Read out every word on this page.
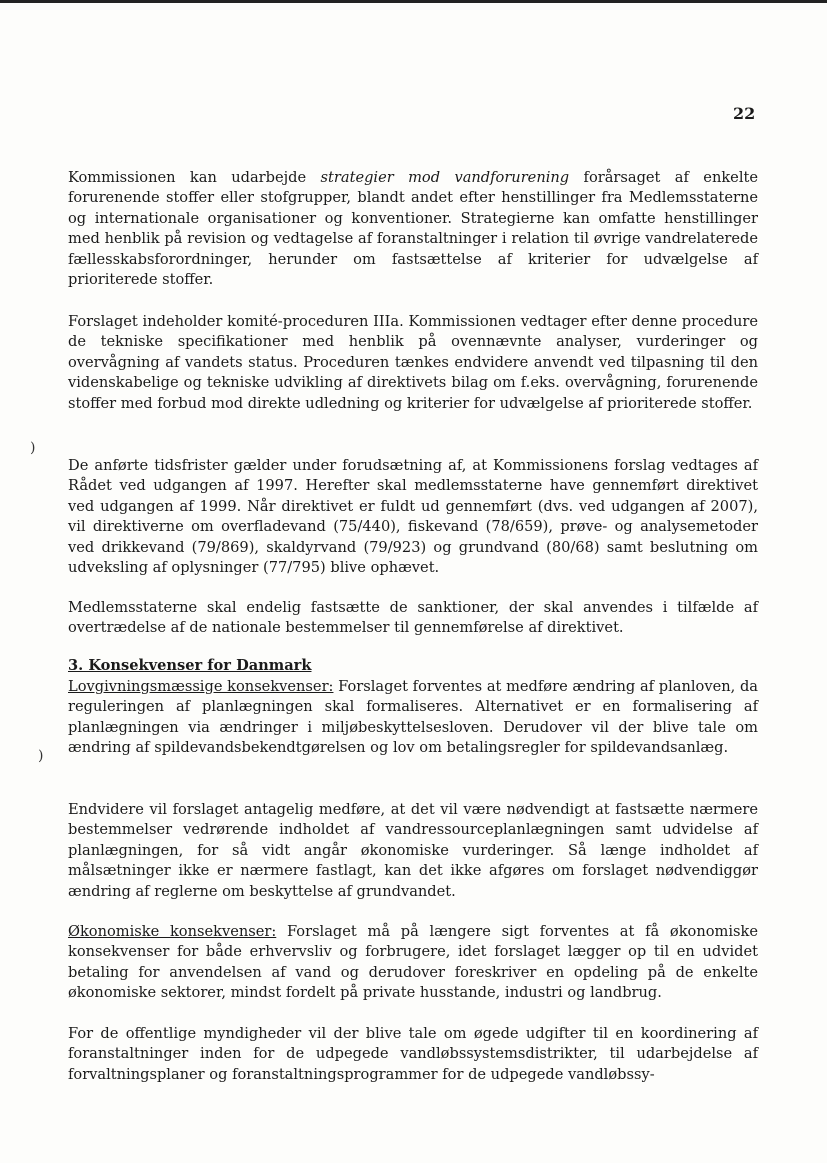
)
)
22

Kommissionen kan udarbejde strategier mod vandforurening forårsaget af enkelte forurenende stoffer eller stofgrupper, blandt andet efter henstillinger fra Medlemsstaterne og internationale organisationer og konventioner. Strategierne kan omfatte henstillinger med henblik på revision og vedtagelse af foranstaltninger i relation til øvrige vandrelaterede fællesskabsforordninger, herunder om fastsættelse af kriterier for udvælgelse af prioriterede stoffer.

Forslaget indeholder komité-proceduren IIIa. Kommissionen vedtager efter denne procedure de tekniske specifikationer med henblik på ovennævnte analyser, vurderinger og overvågning af vandets status. Proceduren tænkes endvidere anvendt ved tilpasning til den videnskabelige og tekniske udvikling af direktivets bilag om f.eks. overvågning, forurenende stoffer med forbud mod direkte udledning og kriterier for udvælgelse af prioriterede stoffer.

De anførte tidsfrister gælder under forudsætning af, at Kommissionens forslag vedtages af Rådet ved udgangen af 1997. Herefter skal medlemsstaterne have gennemført direktivet ved udgangen af 1999. Når direktivet er fuldt ud gennemført (dvs. ved udgangen af 2007), vil direktiverne om overfladevand (75/440), fiskevand (78/659), prøve- og analysemetoder ved drikkevand (79/869), skaldyrvand (79/923) og grundvand (80/68) samt beslutning om udveksling af oplysninger (77/795) blive ophævet.

Medlemsstaterne skal endelig fastsætte de sanktioner, der skal anvendes i tilfælde af overtrædelse af de nationale bestemmelser til gennemførelse af direktivet.

3. Konsekvenser for Danmark

Lovgivningsmæssige konsekvenser: Forslaget forventes at medføre ændring af planloven, da reguleringen af planlægningen skal formaliseres. Alternativet er en formalisering af planlægningen via ændringer i miljøbeskyttelsesloven. Derudover vil der blive tale om ændring af spildevandsbekendtgørelsen og lov om betalingsregler for spildevandsanlæg.

Endvidere vil forslaget antagelig medføre, at det vil være nødvendigt at fastsætte nærmere bestemmelser vedrørende indholdet af vandressourceplanlægningen samt udvidelse af planlægningen, for så vidt angår økonomiske vurderinger. Så længe indholdet af målsætninger ikke er nærmere fastlagt, kan det ikke afgøres om forslaget nødvendiggør ændring af reglerne om beskyttelse af grundvandet.

Økonomiske konsekvenser: Forslaget må på længere sigt forventes at få økonomiske konsekvenser for både erhvervsliv og forbrugere, idet forslaget lægger op til en udvidet betaling for anvendelsen af vand og derudover foreskriver en opdeling på de enkelte økonomiske sektorer, mindst fordelt på private husstande, industri og landbrug.

For de offentlige myndigheder vil der blive tale om øgede udgifter til en koordinering af foranstaltninger inden for de udpegede vandløbssystemsdistrikter, til udarbejdelse af forvaltningsplaner og foranstaltningsprogrammer for de udpegede vandløbssy-
